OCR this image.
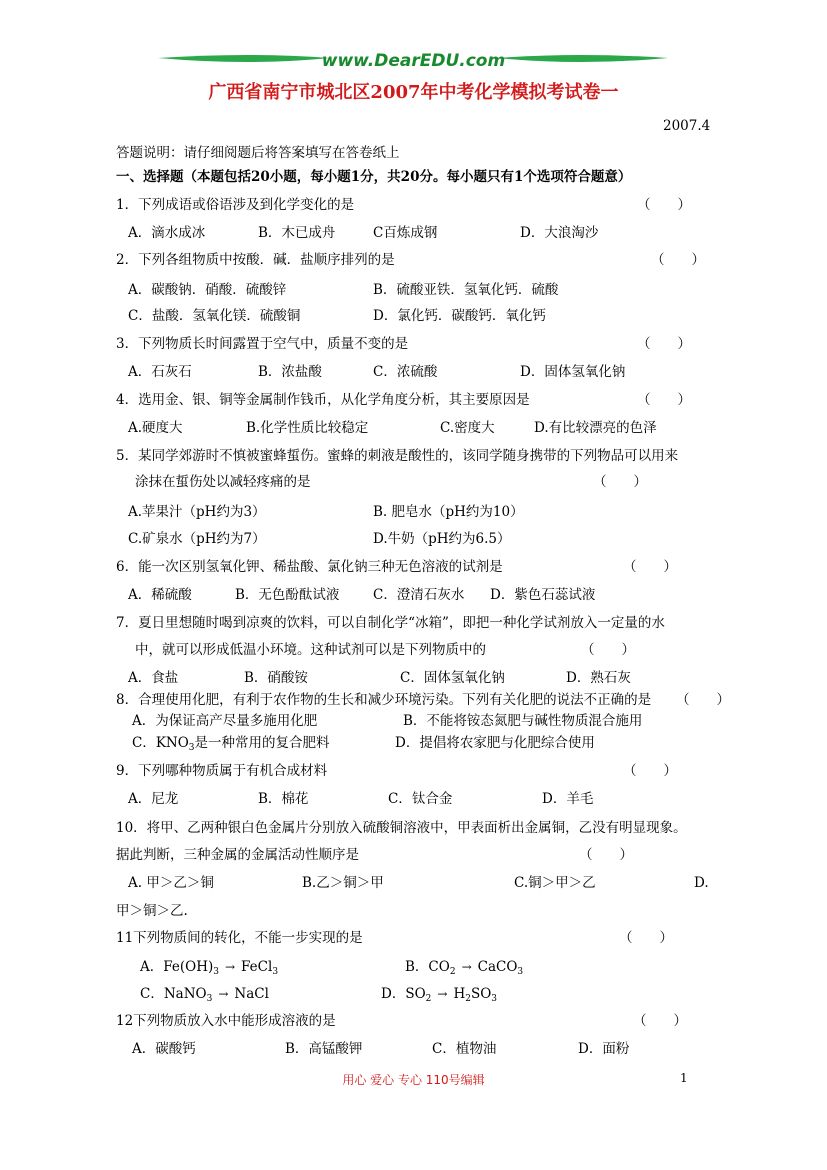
www.DearEDU.com
广西省南宁市城北区2007年中考化学模拟考试卷一
2007.4
答题说明：请仔细阅题后将答案填写在答卷纸上
一、选择题（本题包括20小题，每小题1分，共20分。每小题只有1个选项符合题意）
1．下列成语或俗语涉及到化学变化的是	（　　）
A．滴水成冰	B．木已成舟	C百炼成钢	D．大浪淘沙
2．下列各组物质中按酸．碱．盐顺序排列的是	（　　）
A．碳酸钠．硝酸．硫酸锌	B．硫酸亚铁．氢氧化钙．硫酸
C．盐酸．氢氧化镁．硫酸铜	D．氯化钙．碳酸钙．氧化钙
3．下列物质长时间露置于空气中，质量不变的是	（　　）
A．石灰石	B．浓盐酸	C．浓硫酸	D．固体氢氧化钠
4．选用金、银、铜等金属制作钱币，从化学角度分析，其主要原因是	（　　）
A.硬度大	B.化学性质比较稳定	C.密度大	D.有比较漂亮的色泽
5．某同学郊游时不慎被蜜蜂蜇伤。蜜蜂的刺液是酸性的，该同学随身携带的下列物品可以用来
涂抹在蜇伤处以减轻疼痛的是	（　　）
A.苹果汁（pH约为3）	B. 肥皂水（pH约为10）
C.矿泉水（pH约为7）	D.牛奶（pH约为6.5）
6．能一次区别氢氧化钾、稀盐酸、氯化钠三种无色溶液的试剂是	（　　）
A．稀硫酸	B．无色酚酞试液 C．澄清石灰水 D．紫色石蕊试液
7．夏日里想随时喝到凉爽的饮料，可以自制化学“冰箱”，即把一种化学试剂放入一定量的水
中，就可以形成低温小环境。这种试剂可以是下列物质中的	（　　）
A．食盐	B．硝酸铵	C．固体氢氧化钠	D．熟石灰
8．合理使用化肥，有利于农作物的生长和减少环境污染。下列有关化肥的说法不正确的是 （　　）
A．为保证高产尽量多施用化肥	B．不能将铵态氮肥与碱性物质混合施用
C．$KNO_3$是一种常用的复合肥料	D．提倡将农家肥与化肥综合使用
9．下列哪种物质属于有机合成材料	（　　）
A．尼龙	B．棉花	C．钛合金	D．羊毛
10．将甲、乙两种银白色金属片分别放入硫酸铜溶液中，甲表面析出金属铜，乙没有明显现象。
据此判断，三种金属的金属活动性顺序是	（　　）
A. 甲＞乙＞铜	B.乙＞铜＞甲	C.铜＞甲＞乙	D.
甲＞铜＞乙.
11下列物质间的转化，不能一步实现的是	（　　）
A．$Fe(OH)_3$ → FeCl$_3$	B．$CO_2$ → CaCO$_3$
C．NaNO$_3$ → NaCl	D．$SO_2 \to H_2SO_3$
12下列物质放入水中能形成溶液的是	（　　）
A．碳酸钙	B．高锰酸钾	C．植物油	D．面粉
用心 爱心 专心 110号编辑	1
